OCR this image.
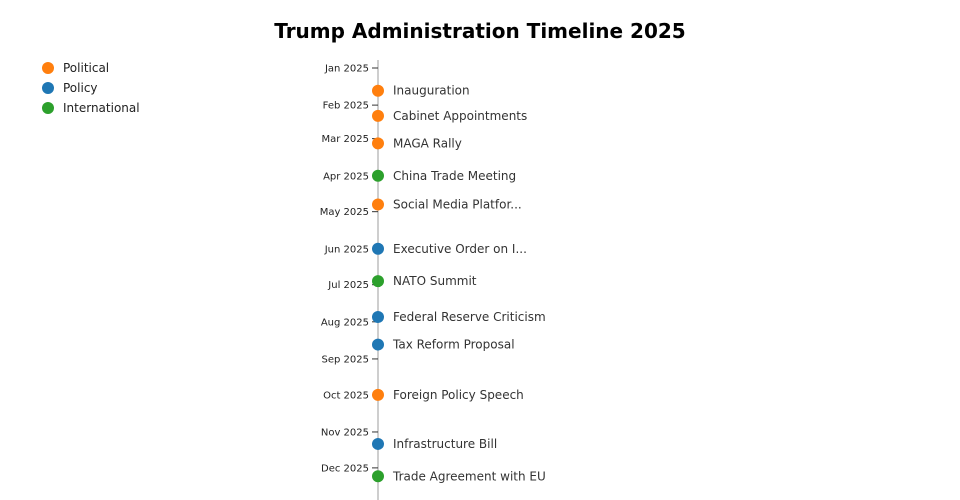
Trump Administration Timeline 2025
Political
Policy
International
Jan 2025
Feb 2025
Mar 2025
Apr 2025
May 2025
Jun 2025
Jul 2025
Aug 2025
Sep 2025
Oct 2025
Nov 2025
Dec 2025
Inauguration
Cabinet Appointments
MAGA Rally
China Trade Meeting
Social Media Platfor...
Executive Order on I...
NATO Summit
Federal Reserve Criticism
Tax Reform Proposal
Foreign Policy Speech
Infrastructure Bill
Trade Agreement with EU
